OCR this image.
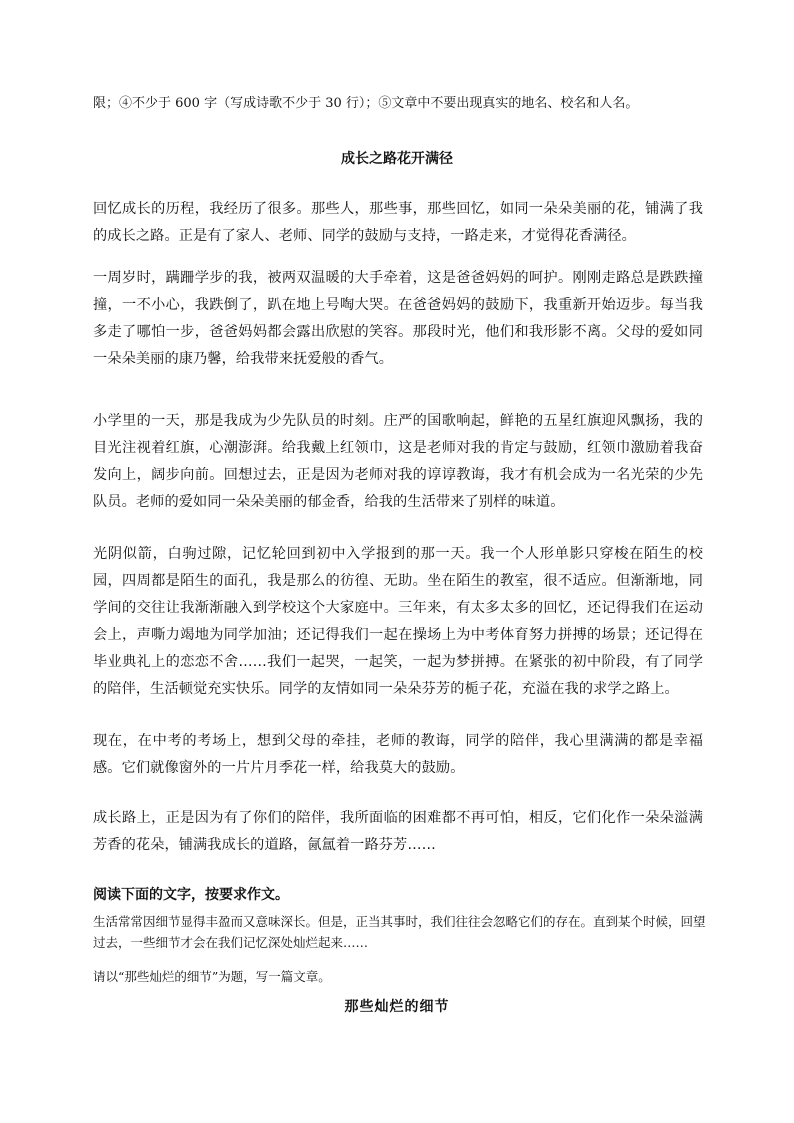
限；④不少于 600 字（写成诗歌不少于 30 行）；⑤文章中不要出现真实的地名、校名和人名。
成长之路花开满径
回忆成长的历程，我经历了很多。那些人，那些事，那些回忆，如同一朵朵美丽的花，铺满了我的成长之路。正是有了家人、老师、同学的鼓励与支持，一路走来，才觉得花香满径。
一周岁时，蹒跚学步的我，被两双温暖的大手牵着，这是爸爸妈妈的呵护。刚刚走路总是跌跌撞撞，一不小心，我跌倒了，趴在地上号啕大哭。在爸爸妈妈的鼓励下，我重新开始迈步。每当我多走了哪怕一步，爸爸妈妈都会露出欣慰的笑容。那段时光，他们和我形影不离。父母的爱如同一朵朵美丽的康乃馨，给我带来抚爱般的香气。
小学里的一天，那是我成为少先队员的时刻。庄严的国歌响起，鲜艳的五星红旗迎风飘扬，我的目光注视着红旗，心潮澎湃。给我戴上红领巾，这是老师对我的肯定与鼓励，红领巾激励着我奋发向上，阔步向前。回想过去，正是因为老师对我的谆谆教诲，我才有机会成为一名光荣的少先队员。老师的爱如同一朵朵美丽的郁金香，给我的生活带来了别样的味道。
光阴似箭，白驹过隙，记忆轮回到初中入学报到的那一天。我一个人形单影只穿梭在陌生的校园，四周都是陌生的面孔，我是那么的彷徨、无助。坐在陌生的教室，很不适应。但渐渐地，同学间的交往让我渐渐融入到学校这个大家庭中。三年来，有太多太多的回忆，还记得我们在运动会上，声嘶力竭地为同学加油；还记得我们一起在操场上为中考体育努力拼搏的场景；还记得在毕业典礼上的恋恋不舍……我们一起哭，一起笑，一起为梦拼搏。在紧张的初中阶段，有了同学的陪伴，生活顿觉充实快乐。同学的友情如同一朵朵芬芳的栀子花，充溢在我的求学之路上。
现在，在中考的考场上，想到父母的牵挂，老师的教诲，同学的陪伴，我心里满满的都是幸福感。它们就像窗外的一片片月季花一样，给我莫大的鼓励。
成长路上，正是因为有了你们的陪伴，我所面临的困难都不再可怕，相反，它们化作一朵朵溢满芳香的花朵，铺满我成长的道路，氤氲着一路芬芳……
阅读下面的文字，按要求作文。
生活常常因细节显得丰盈而又意味深长。但是，正当其事时，我们往往会忽略它们的存在。直到某个时候，回望过去，一些细节才会在我们记忆深处灿烂起来……
请以“那些灿烂的细节”为题，写一篇文章。
那些灿烂的细节
